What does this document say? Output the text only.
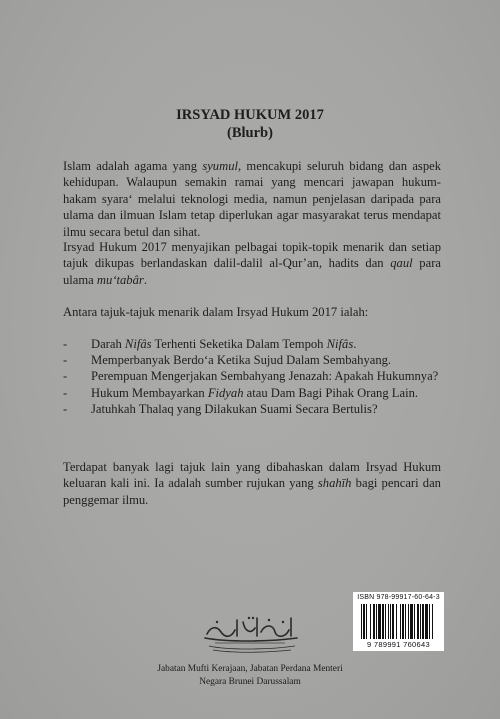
IRSYAD HUKUM 2017
(Blurb)

Islam adalah agama yang syumul, mencakupi seluruh bidang dan aspek kehidupan. Walaupun semakin ramai yang mencari jawapan hukum-hakam syara‘ melalui teknologi media, namun penjelasan daripada para ulama dan ilmuan Islam tetap diperlukan agar masyarakat terus mendapat ilmu secara betul dan sihat.

Irsyad Hukum 2017 menyajikan pelbagai topik-topik menarik dan setiap tajuk dikupas berlandaskan dalil-dalil al-Qur’an, hadits dan qaul para ulama mu‘tabâr.

Antara tajuk-tajuk menarik dalam Irsyad Hukum 2017 ialah:

- Darah Nifâs Terhenti Seketika Dalam Tempoh Nifâs.
- Memperbanyak Berdo‘a Ketika Sujud Dalam Sembahyang.
- Perempuan Mengerjakan Sembahyang Jenazah: Apakah Hukumnya?
- Hukum Membayarkan Fidyah atau Dam Bagi Pihak Orang Lain.
- Jatuhkah Thalaq yang Dilakukan Suami Secara Bertulis?

Terdapat banyak lagi tajuk lain yang dibahaskan dalam Irsyad Hukum keluaran kali ini. Ia adalah sumber rujukan yang shahīh bagi pencari dan penggemar ilmu.

ISBN 978-99917-60-64-3
9 789991 760643
Jabatan Mufti Kerajaan, Jabatan Perdana Menteri
Negara Brunei Darussalam
